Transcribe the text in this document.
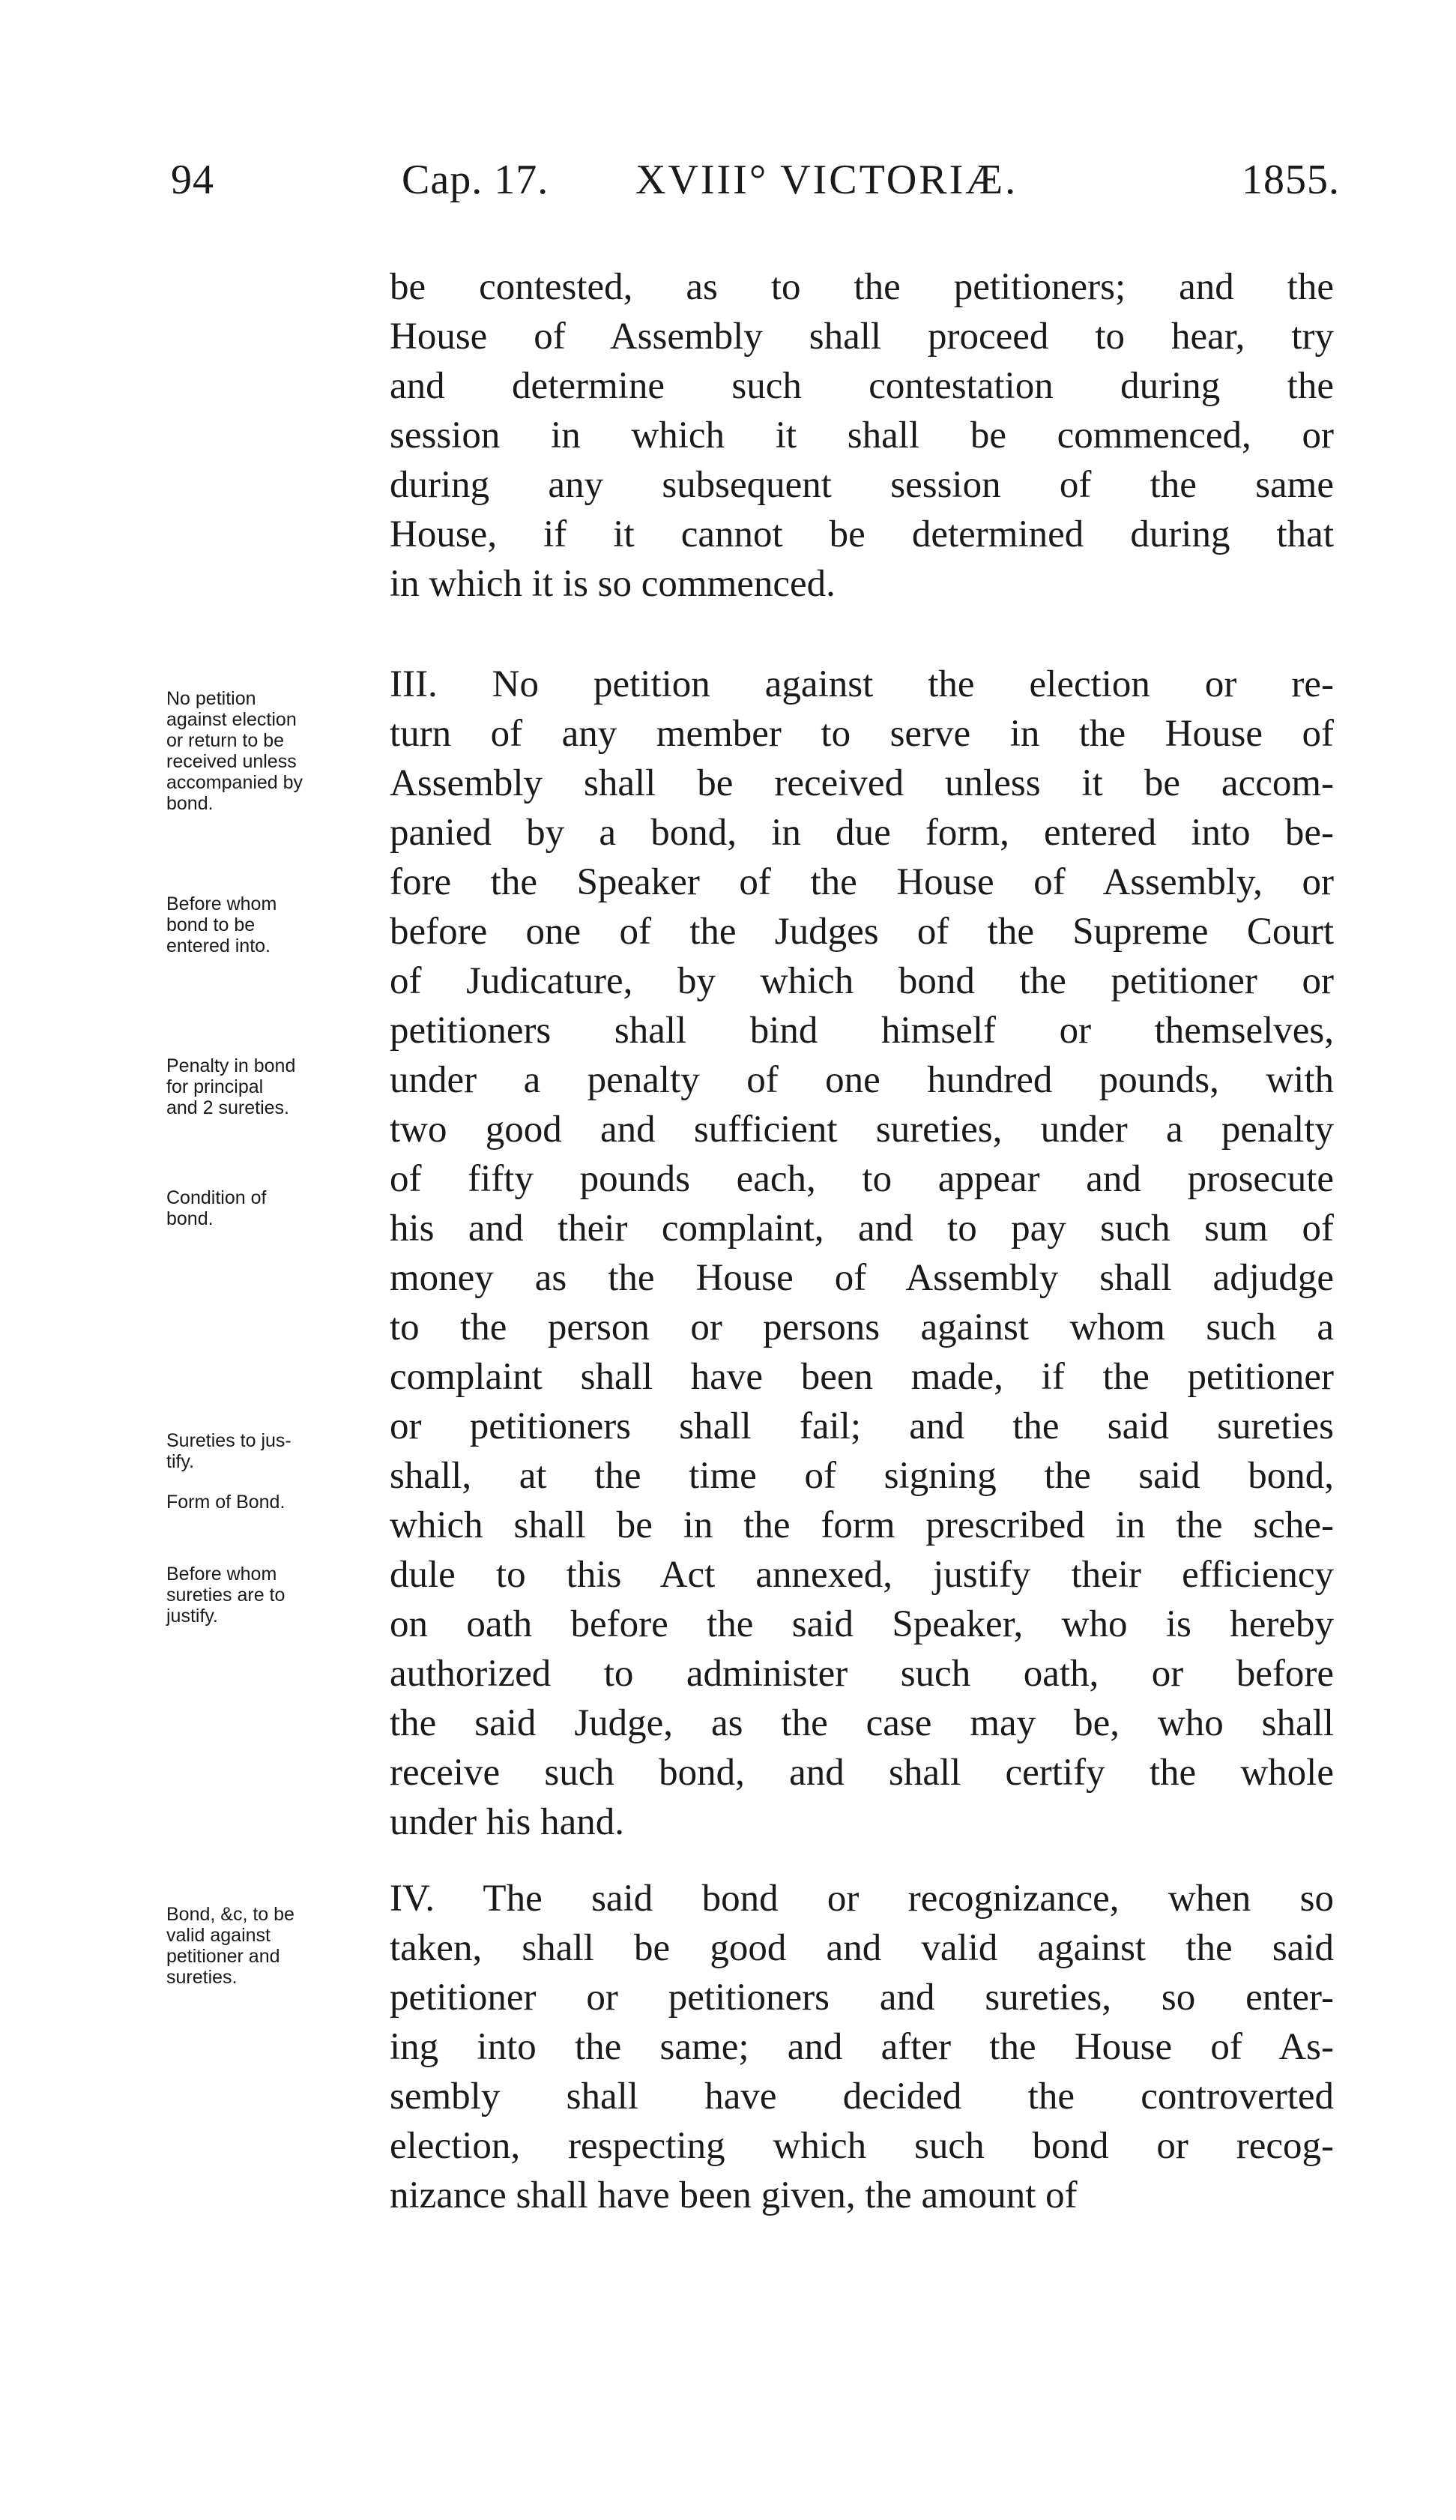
94	Cap. 17. XVIII° VICTORIÆ.	1855.
be contested, as to the petitioners; and the
House of Assembly shall proceed to hear, try
and determine such contestation during the
session in which it shall be commenced, or
during any subsequent session of the same
House, if it cannot be determined during that
in which it is so commenced.
III. No petition against the election or re-
turn of any member to serve in the House of
Assembly shall be received unless it be accom-
panied by a bond, in due form, entered into be-
fore the Speaker of the House of Assembly, or
before one of the Judges of the Supreme Court
of Judicature, by which bond the petitioner or
petitioners shall bind himself or themselves,
under a penalty of one hundred pounds, with
two good and sufficient sureties, under a penalty
of fifty pounds each, to appear and prosecute
his and their complaint, and to pay such sum of
money as the House of Assembly shall adjudge
to the person or persons against whom such a
complaint shall have been made, if the petitioner
or petitioners shall fail; and the said sureties
shall, at the time of signing the said bond,
which shall be in the form prescribed in the sche-
dule to this Act annexed, justify their efficiency
on oath before the said Speaker, who is hereby
authorized to administer such oath, or before
the said Judge, as the case may be, who shall
receive such bond, and shall certify the whole
under his hand.
IV. The said bond or recognizance, when so
taken, shall be good and valid against the said
petitioner or petitioners and sureties, so enter-
ing into the same; and after the House of As-
sembly shall have decided the controverted
election, respecting which such bond or recog-
nizance shall have been given, the amount of
No petition
against election
or return to be
received unless
accompanied by
bond.
Before whom
bond to be
entered into.
Penalty in bond
for principal
and 2 sureties.
Condition of
bond.
Sureties to jus-
tify.
Form of Bond.
Before whom
sureties are to
justify.
Bond, &c, to be
valid against
petitioner and
sureties.
